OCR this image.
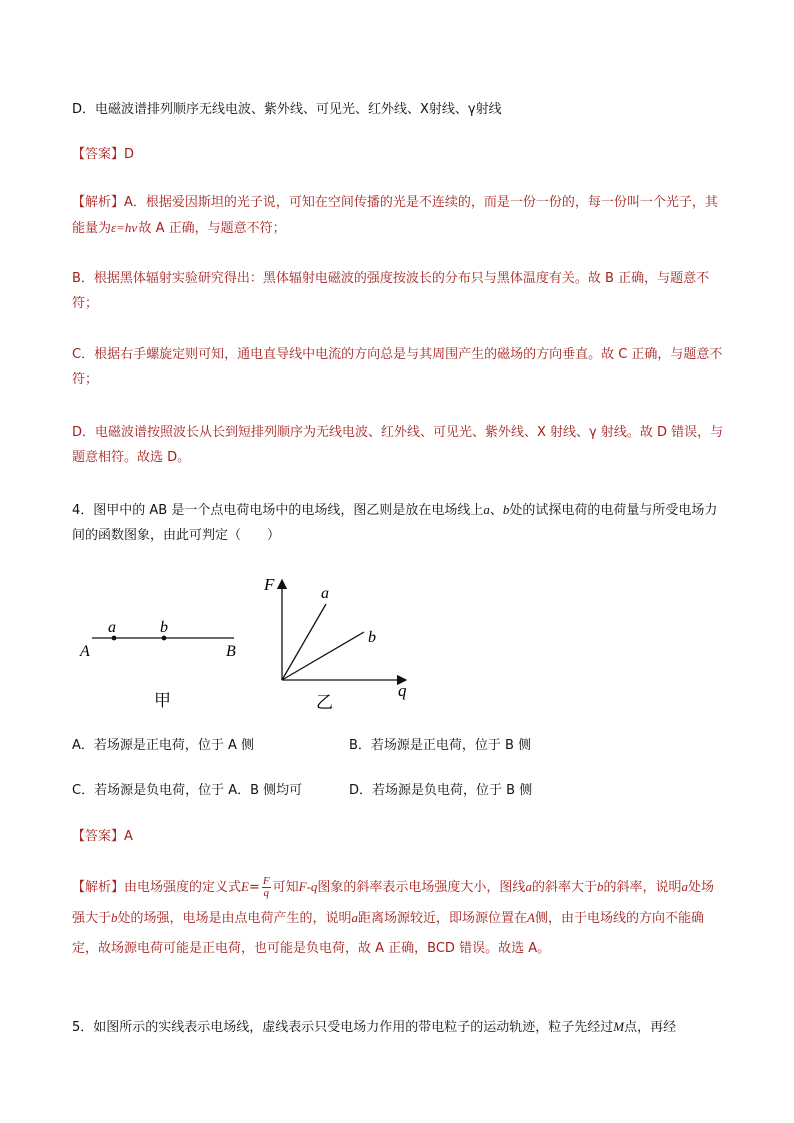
D．电磁波谱排列顺序无线电波、紫外线、可见光、红外线、X射线、γ射线

【答案】D

【解析】A．根据爱因斯坦的光子说，可知在空间传播的光是不连续的，而是一份一份的，每一份叫一个光子，其能量为ε=hν 故 A 正确，与题意不符；

B．根据黑体辐射实验研究得出：黑体辐射电磁波的强度按波长的分布只与黑体温度有关。故 B 正确，与题意不符；

C．根据右手螺旋定则可知，通电直导线中电流的方向总是与其周围产生的磁场的方向垂直。故 C 正确，与题意不符；

D．电磁波谱按照波长从长到短排列顺序为无线电波、红外线、可见光、紫外线、X 射线、γ 射线。故 D 错误，与题意相符。故选 D。

4．图甲中的 AB 是一个点电荷电场中的电场线，图乙则是放在电场线上a、b处的试探电荷的电荷量与所受电场力间的函数图象，由此可判定（　　）

a	b
A	B
甲
F
q
a
b
乙
A．若场源是正电荷，位于 A 侧	B．若场源是正电荷，位于 B 侧
C．若场源是负电荷，位于 A．B 侧均可	D．若场源是负电荷，位于 B 侧

【答案】A

【解析】由电场强度的定义式$E= \frac{F}{q}$ 可知F-q图象的斜率表示电场强度大小，图线a的斜率大于b的斜率，说明a处场强大于b处的场强，电场是由点电荷产生的，说明a距离场源较近，即场源位置在A侧，由于电场线的方向不能确定，故场源电荷可能是正电荷，也可能是负电荷，故 A 正确，BCD 错误。故选 A。

5．如图所示的实线表示电场线，虚线表示只受电场力作用的带电粒子的运动轨迹，粒子先经过M点，再经
